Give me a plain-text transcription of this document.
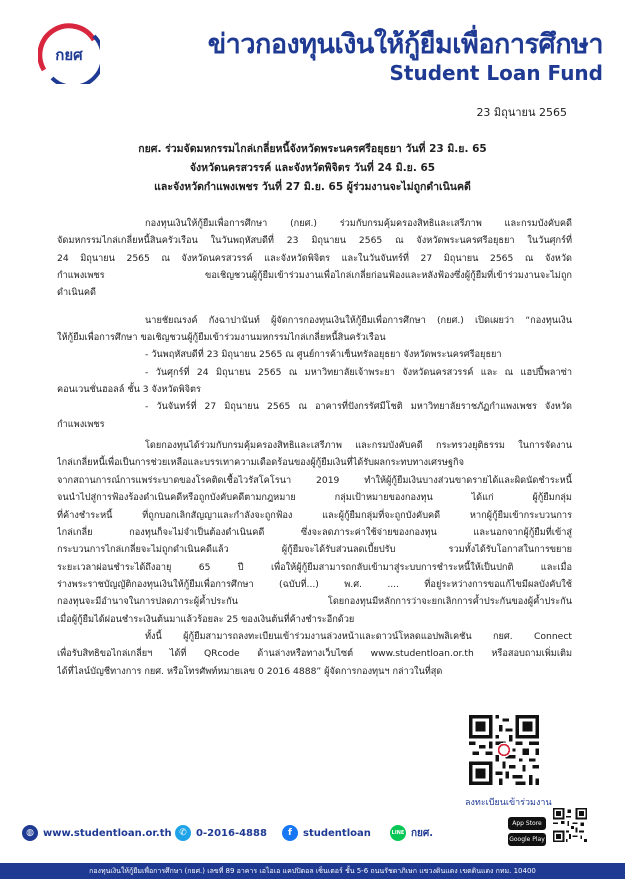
กยศ	ข่าวกองทุนเงินให้กู้ยืมเพื่อการศึกษา
Student Loan Fund
23 มิถุนายน 2565
กยศ. ร่วมจัดมหกรรมไกล่เกลี่ยหนี้จังหวัดพระนครศรีอยุธยา วันที่ 23 มิ.ย. 65
จังหวัดนครสวรรค์ และจังหวัดพิจิตร วันที่ 24 มิ.ย. 65
และจังหวัดกำแพงเพชร วันที่ 27 มิ.ย. 65 ผู้ร่วมงานจะไม่ถูกดำเนินคดี
กองทุนเงินให้กู้ยืมเพื่อการศึกษา (กยศ.) ร่วมกับกรมคุ้มครองสิทธิและเสรีภาพ และกรมบังคับคดี
จัดมหกรรมไกล่เกลี่ยหนี้สินครัวเรือน ในวันพฤหัสบดีที่ 23 มิถุนายน 2565 ณ จังหวัดพระนครศรีอยุธยา ในวันศุกร์ที่
24 มิถุนายน 2565 ณ จังหวัดนครสวรรค์ และจังหวัดพิจิตร และในวันจันทร์ที่ 27 มิถุนายน 2565 ณ จังหวัด
กำแพงเพชร ขอเชิญชวนผู้กู้ยืมเข้าร่วมงานเพื่อไกล่เกลี่ยก่อนฟ้องและหลังฟ้องซึ่งผู้กู้ยืมที่เข้าร่วมงานจะไม่ถูก
ดำเนินคดี
นายชัยณรงค์ กังฉาปานันท์ ผู้จัดการกองทุนเงินให้กู้ยืมเพื่อการศึกษา (กยศ.) เปิดเผยว่า “กองทุนเงิน
ให้กู้ยืมเพื่อการศึกษา ขอเชิญชวนผู้กู้ยืมเข้าร่วมงานมหกรรมไกล่เกลี่ยหนี้สินครัวเรือน
- วันพฤหัสบดีที่ 23 มิถุนายน 2565 ณ ศูนย์การค้าเซ็นทรัลอยุธยา จังหวัดพระนครศรีอยุธยา
- วันศุกร์ที่ 24 มิถุนายน 2565 ณ มหาวิทยาลัยเจ้าพระยา จังหวัดนครสวรรค์ และ ณ แฮปปี้พลาซ่า
คอนเวนชั่นฮอลล์ ชั้น 3 จังหวัดพิจิตร
- วันจันทร์ที่ 27 มิถุนายน 2565 ณ อาคารที่ปังกรรัศมีโชติ มหาวิทยาลัยราชภัฏกำแพงเพชร จังหวัด
กำแพงเพชร
โดยกองทุนได้ร่วมกับกรมคุ้มครองสิทธิและเสรีภาพ และกรมบังคับคดี กระทรวงยุติธรรม ในการจัดงาน
ไกล่เกลี่ยหนี้เพื่อเป็นการช่วยเหลือและบรรเทาความเดือดร้อนของผู้กู้ยืมเงินที่ได้รับผลกระทบทางเศรษฐกิจ
จากสถานการณ์การแพร่ระบาดของโรคติดเชื้อไวรัสโคโรนา 2019 ทำให้ผู้กู้ยืมเงินบางส่วนขาดรายได้และผิดนัดชำระหนี้
จนนำไปสู่การฟ้องร้องดำเนินคดีหรือถูกบังคับคดีตามกฎหมาย กลุ่มเป้าหมายของกองทุน ได้แก่ ผู้กู้ยืมกลุ่ม
ที่ค้างชำระหนี้ ที่ถูกบอกเลิกสัญญาและกำลังจะถูกฟ้อง และผู้กู้ยืมกลุ่มที่จะถูกบังคับคดี หากผู้กู้ยืมเข้ากระบวนการ
ไกล่เกลี่ย กองทุนก็จะไม่จำเป็นต้องดำเนินคดี ซึ่งจะลดภาระค่าใช้จ่ายของกองทุน และนอกจากผู้กู้ยืมที่เข้าสู่
กระบวนการไกล่เกลี่ยจะไม่ถูกดำเนินคดีแล้ว ผู้กู้ยืมจะได้รับส่วนลดเบี้ยปรับ รวมทั้งได้รับโอกาสในการขยาย
ระยะเวลาผ่อนชำระได้ถึงอายุ 65 ปี เพื่อให้ผู้กู้ยืมสามารถกลับเข้ามาสู่ระบบการชำระหนี้ให้เป็นปกติ และเมื่อ
ร่างพระราชบัญญัติกองทุนเงินให้กู้ยืมเพื่อการศึกษา (ฉบับที่...) พ.ศ. .... ที่อยู่ระหว่างการขอแก้ไขมีผลบังคับใช้
กองทุนจะมีอำนาจในการปลดภาระผู้ค้ำประกัน โดยกองทุนมีหลักการว่าจะยกเลิกการค้ำประกันของผู้ค้ำประกัน
เมื่อผู้กู้ยืมได้ผ่อนชำระเงินต้นมาแล้วร้อยละ 25 ของเงินต้นที่ค้างชำระอีกด้วย
ทั้งนี้ ผู้กู้ยืมสามารถลงทะเบียนเข้าร่วมงานล่วงหน้าและดาวน์โหลดแอปพลิเคชัน กยศ. Connect
เพื่อรับสิทธิขอไกล่เกลี่ยฯ ได้ที่ QRcode ด้านล่างหรือทางเว็บไซต์ www.studentloan.or.th หรือสอบถามเพิ่มเติม
ได้ที่ไลน์บัญชีทางการ กยศ. หรือโทรศัพท์หมายเลข 0 2016 4888” ผู้จัดการกองทุนฯ กล่าวในที่สุด
ลงทะเบียนเข้าร่วมงาน
◍ www.studentloan.or.th ✆ 0-2016-4888	f	studentloan	LINE กยศ.
App Store
Google Play
กองทุนเงินให้กู้ยืมเพื่อการศึกษา (กยศ.) เลขที่ 89 อาคาร เอไอเอ แคปปิตอล เซ็นเตอร์ ชั้น 5-6 ถนนรัชดาภิเษก แขวงดินแดง เขตดินแดง กทม. 10400
